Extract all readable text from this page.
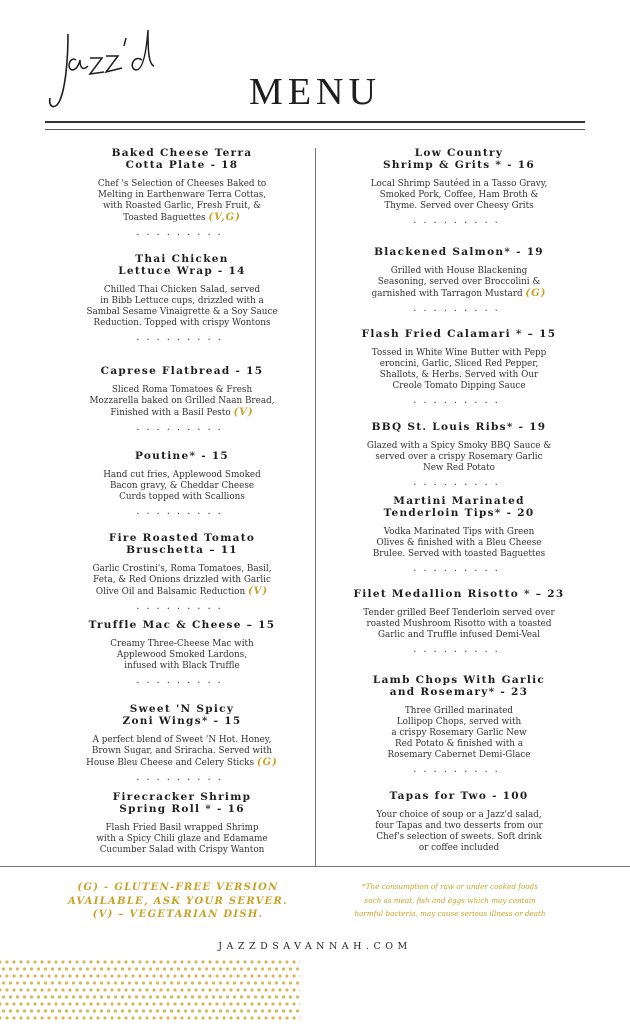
MENU
Baked Cheese Terra
Cotta Plate - 18
Chef 's Selection of Cheeses Baked to
Melting in Earthenware Terra Cottas,
with Roasted Garlic, Fresh Fruit, &
Toasted Baguettes (V,G)
.........
Thai Chicken
Lettuce Wrap - 14
Chilled Thai Chicken Salad, served
in Bibb Lettuce cups, drizzled with a
Sambal Sesame Vinaigrette & a Soy Sauce
Reduction. Topped with crispy Wontons
.........
Caprese Flatbread - 15
Sliced Roma Tomatoes & Fresh
Mozzarella baked on Grilled Naan Bread,
Finished with a Basil Pesto (V)
.........
Poutine* - 15
Hand cut fries, Applewood Smoked
Bacon gravy, & Cheddar Cheese
Curds topped with Scallions
.........
Fire Roasted Tomato
Bruschetta – 11
Garlic Crostini's, Roma Tomatoes, Basil,
Feta, & Red Onions drizzled with Garlic
Olive Oil and Balsamic Reduction (V)
.........
Truffle Mac & Cheese – 15
Creamy Three-Cheese Mac with
Applewood Smoked Lardons,
infused with Black Truffle
.........
Sweet 'N Spicy
Zoni Wings* - 15
A perfect blend of Sweet 'N Hot. Honey,
Brown Sugar, and Sriracha. Served with
House Bleu Cheese and Celery Sticks (G)
.........
Firecracker Shrimp
Spring Roll * - 16
Flash Fried Basil wrapped Shrimp
with a Spicy Chili glaze and Edamame
Cucumber Salad with Crispy Wanton
Low Country
Shrimp & Grits * - 16
Local Shrimp Sautéed in a Tasso Gravy,
Smoked Pork, Coffee, Ham Broth &
Thyme. Served over Cheesy Grits
.........
Blackened Salmon* - 19
Grilled with House Blackening
Seasoning, served over Broccolini &
garnished with Tarragon Mustard (G)
.........
Flash Fried Calamari * – 15
Tossed in White Wine Butter with Pepp
eroncini, Garlic, Sliced Red Pepper,
Shallots, & Herbs. Served with Our
Creole Tomato Dipping Sauce
.........
BBQ St. Louis Ribs* - 19
Glazed with a Spicy Smoky BBQ Sauce &
served over a crispy Rosemary Garlic
New Red Potato
.........
Martini Marinated
Tenderloin Tips* - 20
Vodka Marinated Tips with Green
Olives & finished with a Bleu Cheese
Brulee. Served with toasted Baguettes
.........
Filet Medallion Risotto * – 23
Tender grilled Beef Tenderloin served over
roasted Mushroom Risotto with a toasted
Garlic and Truffle infused Demi-Veal
.........
Lamb Chops With Garlic
and Rosemary* - 23
Three Grilled marinated
Lollipop Chops, served with
a crispy Rosemary Garlic New
Red Potato & finished with a
Rosemary Cabernet Demi-Glace
.........
Tapas for Two - 100
Your choice of soup or a Jazz'd salad,
four Tapas and two desserts from our
Chef's selection of sweets. Soft drink
or coffee included
(G) - GLUTEN-FREE VERSION
AVAILABLE, ASK YOUR SERVER.
(V) – VEGETARIAN DISH.
*The consumption of raw or under cooked foods
such as meat, fish and eggs which may contain
harmful bacteria, may cause serious illness or death
JAZZDSAVANNAH.COM
